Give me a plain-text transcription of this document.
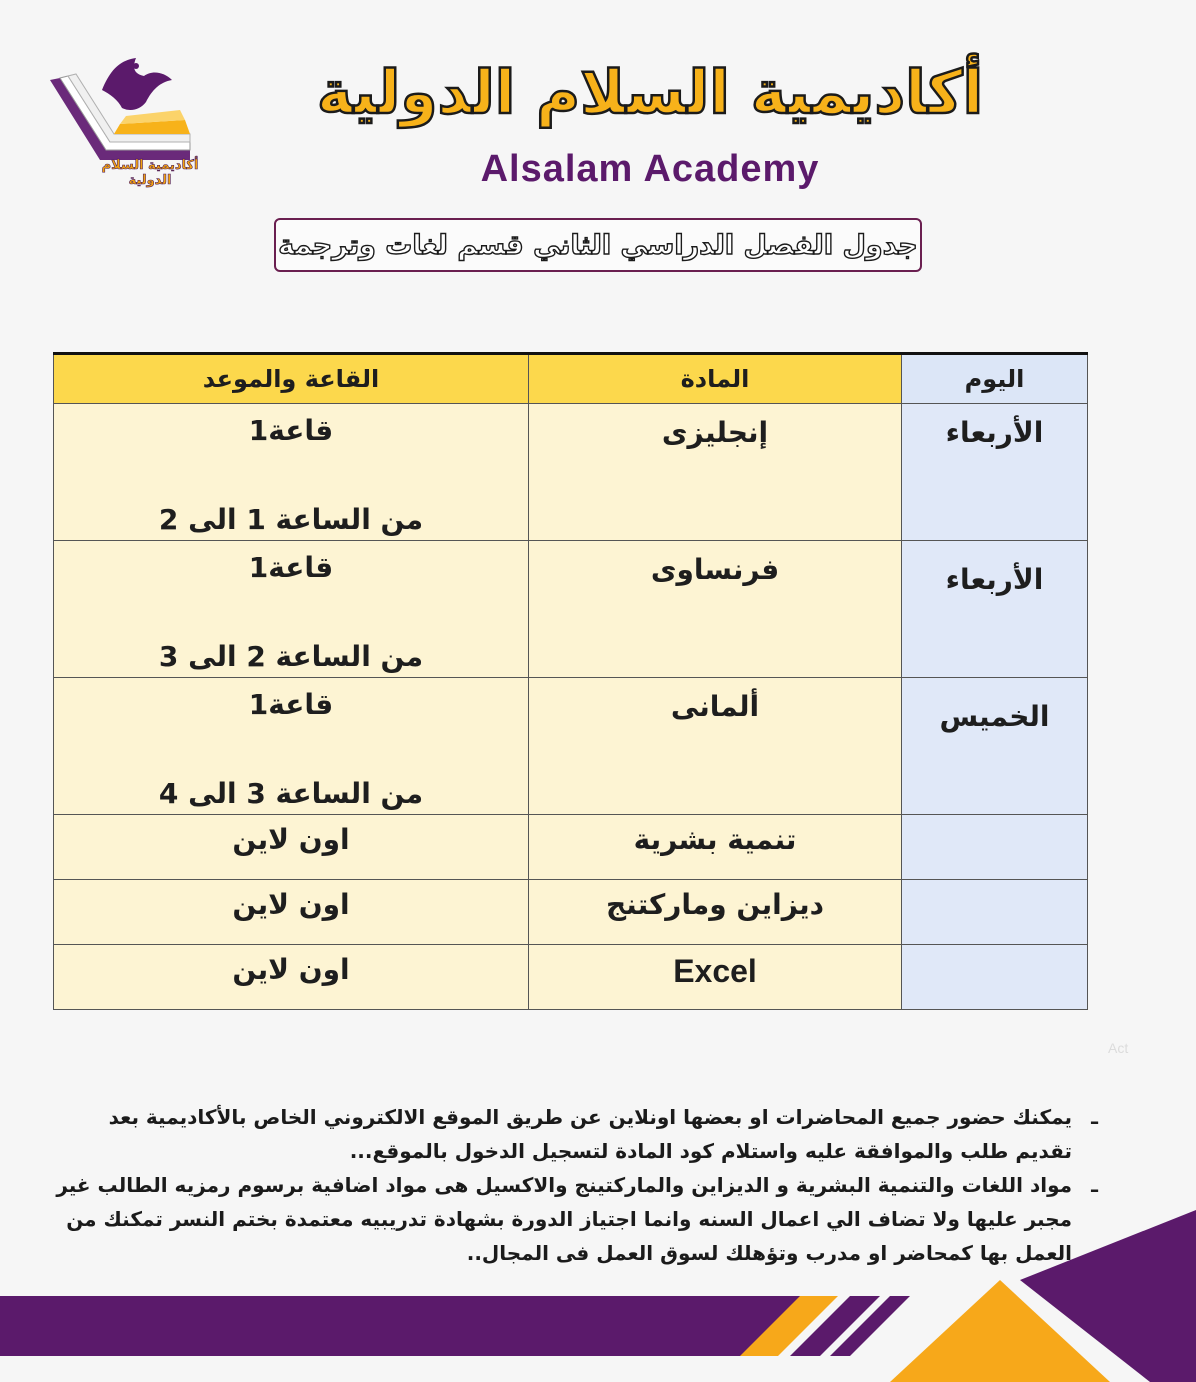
أكاديمية السلام الدولية
أكاديمية السلام الدولية
Alsalam Academy
جدول الفصل الدراسي الثاني قسم لغات وترجمة
اليوم	المادة	القاعة والموعد

الأربعاء	إنجليزى	قاعة1
من الساعة 1 الى 2

الأربعاء	فرنساوى	قاعة1
من الساعة 2 الى 3

الخميس	ألمانى	قاعة1
من الساعة 3 الى 4

	تنمية بشرية	اون لاين

	ديزاين وماركتنج	اون لاين

	Excel	اون لاين
Act
ـ يمكنك حضور جميع المحاضرات او بعضها اونلاين عن طريق الموقع الالكتروني الخاص بالأكاديمية بعد تقديم طلب والموافقة عليه واستلام كود المادة لتسجيل الدخول بالموقع...
ـ مواد اللغات والتنمية البشرية و الديزاين والماركتينج والاكسيل هى مواد اضافية برسوم رمزيه الطالب غير مجبر عليها ولا تضاف الي اعمال السنه وانما اجتياز الدورة بشهادة تدريبيه معتمدة بختم النسر تمكنك من العمل بها كمحاضر او مدرب وتؤهلك لسوق العمل فى المجال..
